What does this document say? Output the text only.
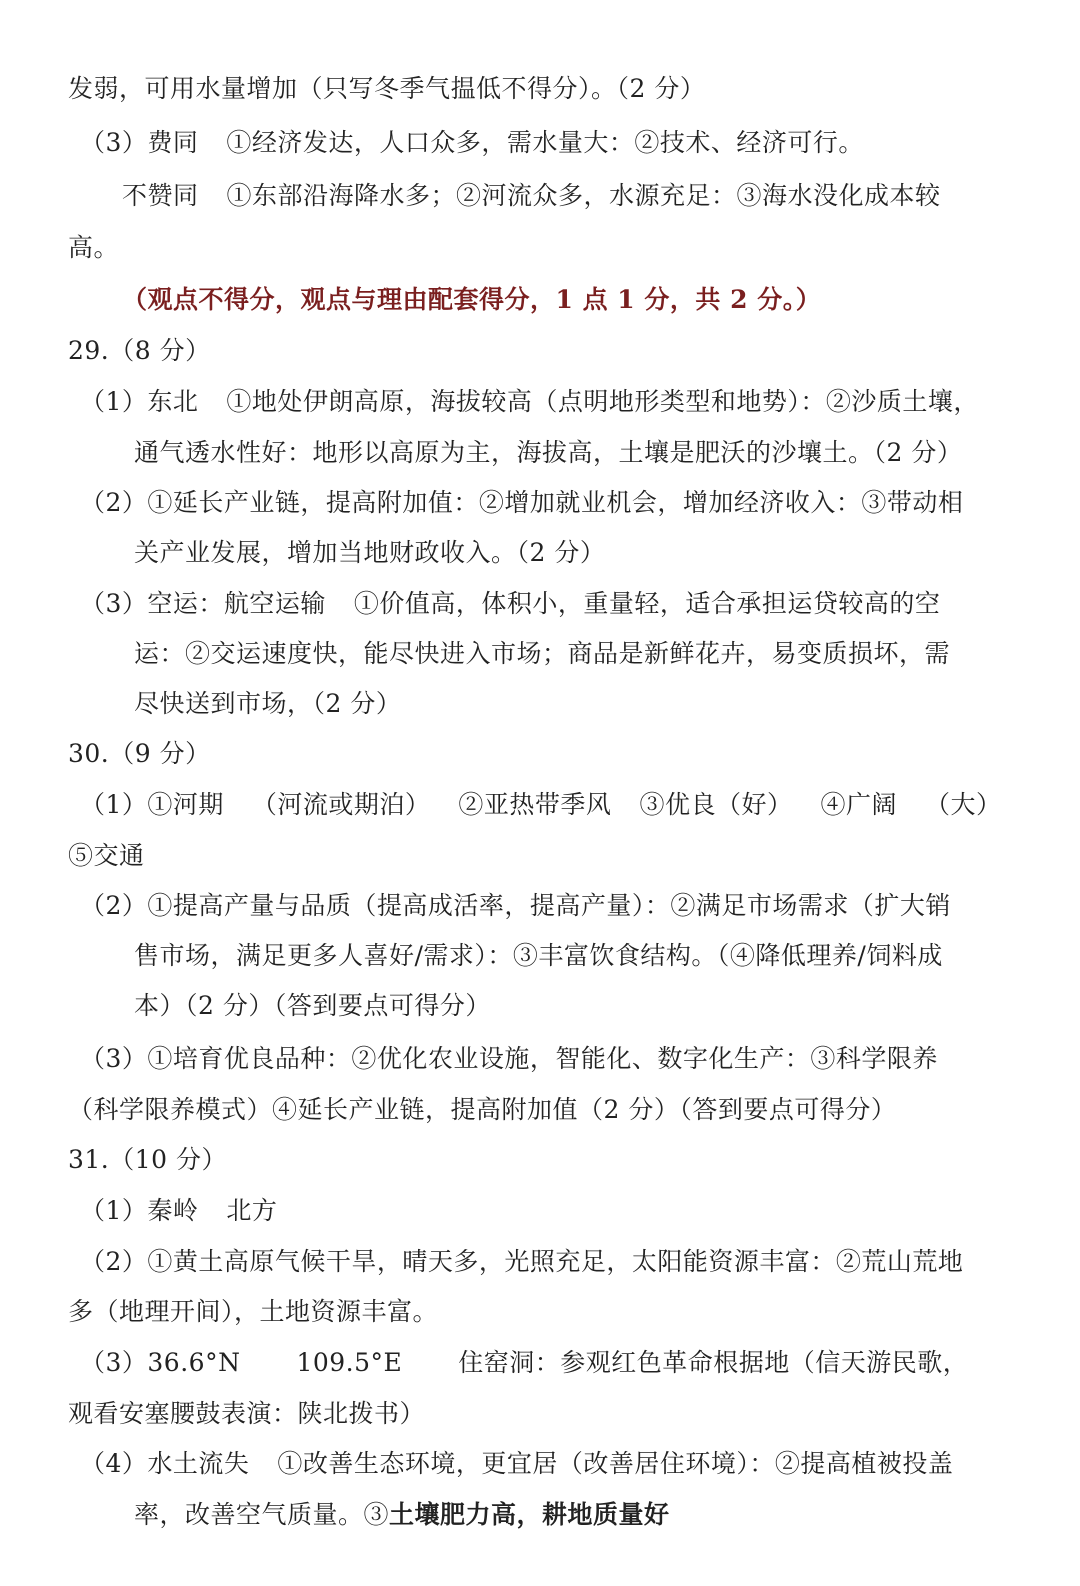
发弱，可用水量增加（只写冬季气揾低不得分）。（2 分）
（3）费同 ①经济发达，人口众多，需水量大：②技术、经济可行。
不赞同 ①东部沿海降水多；②河流众多，水源充足：③海水没化成本较
高。
（观点不得分，观点与理由配套得分，1 点 1 分，共 2 分。）
29.（8 分）
（1）东北 ①地处伊朗高原，海拔较高（点明地形类型和地势）：②沙质土壤，
通气透水性好：地形以高原为主，海拔高，土壤是肥沃的沙壤土。（2 分）
（2）①延长产业链，提高附加值：②增加就业机会，增加经济收入：③带动相
关产业发展，增加当地财政收入。（2 分）
（3）空运：航空运输 ①价值高，体积小，重量轻，适合承担运贷较高的空
运：②交运速度快，能尽快进入市场；商品是新鲜花卉，易变质损坏，需
尽快送到市场，（2 分）
30.（9 分）
（1）①河期 （河流或期泊） ②亚热带季风 ③优良（好） ④广阔 （大）
⑤交通
（2）①提高产量与品质（提高成活率，提高产量）：②满足市场需求（扩大销
售市场，满足更多人喜好/需求）：③丰富饮食结构。（④降低理养/饲料成
本）（2 分）（答到要点可得分）
（3）①培育优良品种：②优化农业设施，智能化、数字化生产：③科学限养
（科学限养模式）④延长产业链，提高附加值（2 分）（答到要点可得分）
31.（10 分）
（1）秦岭 北方
（2）①黄土高原气候干旱，晴天多，光照充足，太阳能资源丰富：②荒山荒地
多（地理开间），土地资源丰富。
（3）36.6°N 109.5°E 住窑洞：参观红色革命根据地（信天游民歌，
观看安塞腰鼓表演：陕北拨书）
（4）水土流失 ①改善生态环境，更宜居（改善居住环境）：②提高植被投盖
率，改善空气质量。③土壤肥力高，耕地质量好
